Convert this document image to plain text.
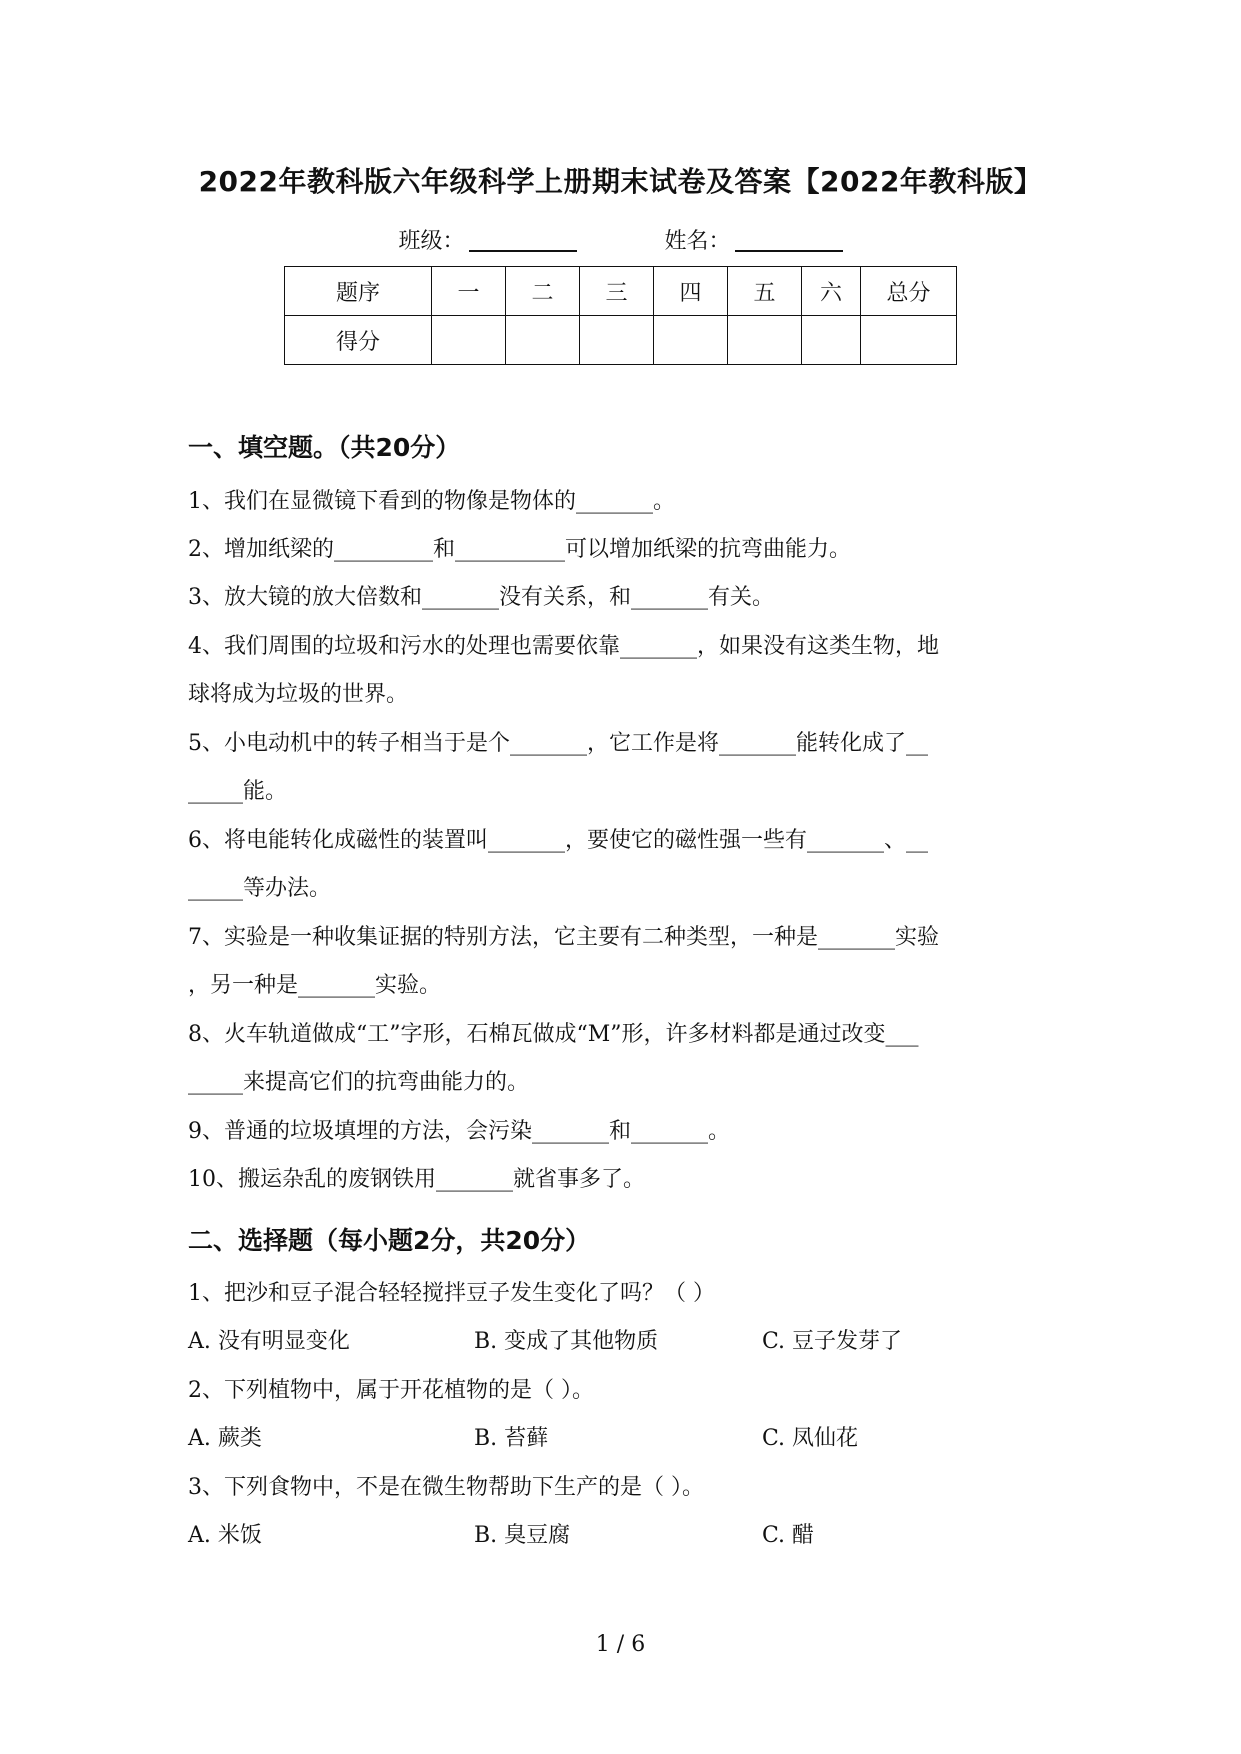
2022年教科版六年级科学上册期末试卷及答案【2022年教科版】
班级：	姓名：
题序	一	二	三	四	五	六	总分
得分							
一、填空题。（共20分）
1、我们在显微镜下看到的物像是物体的_______。
2、增加纸梁的_________和__________可以增加纸梁的抗弯曲能力。
3、放大镜的放大倍数和_______没有关系，和_______有关。
4、我们周围的垃圾和污水的处理也需要依靠_______，如果没有这类生物，地
球将成为垃圾的世界。
5、小电动机中的转子相当于是个_______，它工作是将_______能转化成了__
_____能。
6、将电能转化成磁性的装置叫_______，要使它的磁性强一些有_______、__
_____等办法。
7、实验是一种收集证据的特别方法，它主要有二种类型，一种是_______实验
，另一种是_______实验。
8、火车轨道做成“工”字形，石棉瓦做成“M”形，许多材料都是通过改变___
_____来提高它们的抗弯曲能力的。
9、普通的垃圾填埋的方法，会污染_______和_______。
10、搬运杂乱的废钢铁用_______就省事多了。
二、选择题（每小题2分，共20分）
1、把沙和豆子混合轻轻搅拌豆子发生变化了吗？（ ）
A. 没有明显变化	B. 变成了其他物质	C. 豆子发芽了
2、下列植物中，属于开花植物的是（ ）。
A. 蕨类	B. 苔藓	C. 凤仙花
3、下列食物中，不是在微生物帮助下生产的是（ ）。
A. 米饭	B. 臭豆腐	C. 醋
1 / 6
